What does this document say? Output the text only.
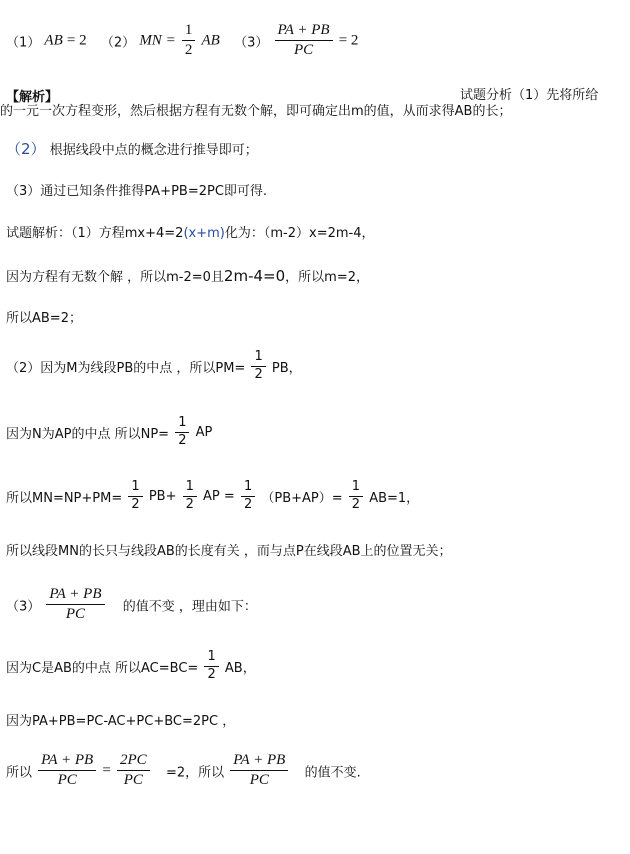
（1） AB = 2 （2） MN = $\frac{1}{2}$ AB $(3) \frac{PA + PB}{PC} = 2$
【解析】	试题分析（1）先将所给
的一元一次方程变形，然后根据方程有无数个解，即可确定出m的值，从而求得AB的长；
（2） 根据线段中点的概念进行推导即可；
（3）通过已知条件推得PA+PB=2PC即可得.
试题解析：（1）方程mx+4=2(x+m)化为：（m-2）x=2m-4，
因为方程有无数个解 ，所以m-2=0且2m-4=0，所以m=2，
所以AB=2；
（2）因为M为线段PB的中点 ，所以$PM= \frac{1}{2}$ PB，
因为N为AP的中点 所以$NP= \frac{1}{2}$ AP
所以$MN=NP+PM= \frac{1}{2} PB+ \frac{1}{2}$ AP = $\frac{1}{2} (PB+AP)= \frac{1}{2} AB=1$，
所以线段MN的长只与线段AB的长度有关 ，而与点P在线段AB上的位置无关；
$(3) \frac{PA + PB}{PC}$ 的值不变 ，理由如下：
因为C是AB的中点 所以$AC=BC= \frac{1}{2}$ AB，
因为PA+PB=PC-AC+PC+BC=2PC ，
所以 $\frac{PA + PB}{PC} = \frac{2PC}{PC} =2$，所以 $\frac{PA + PB}{PC}$ 的值不变.
